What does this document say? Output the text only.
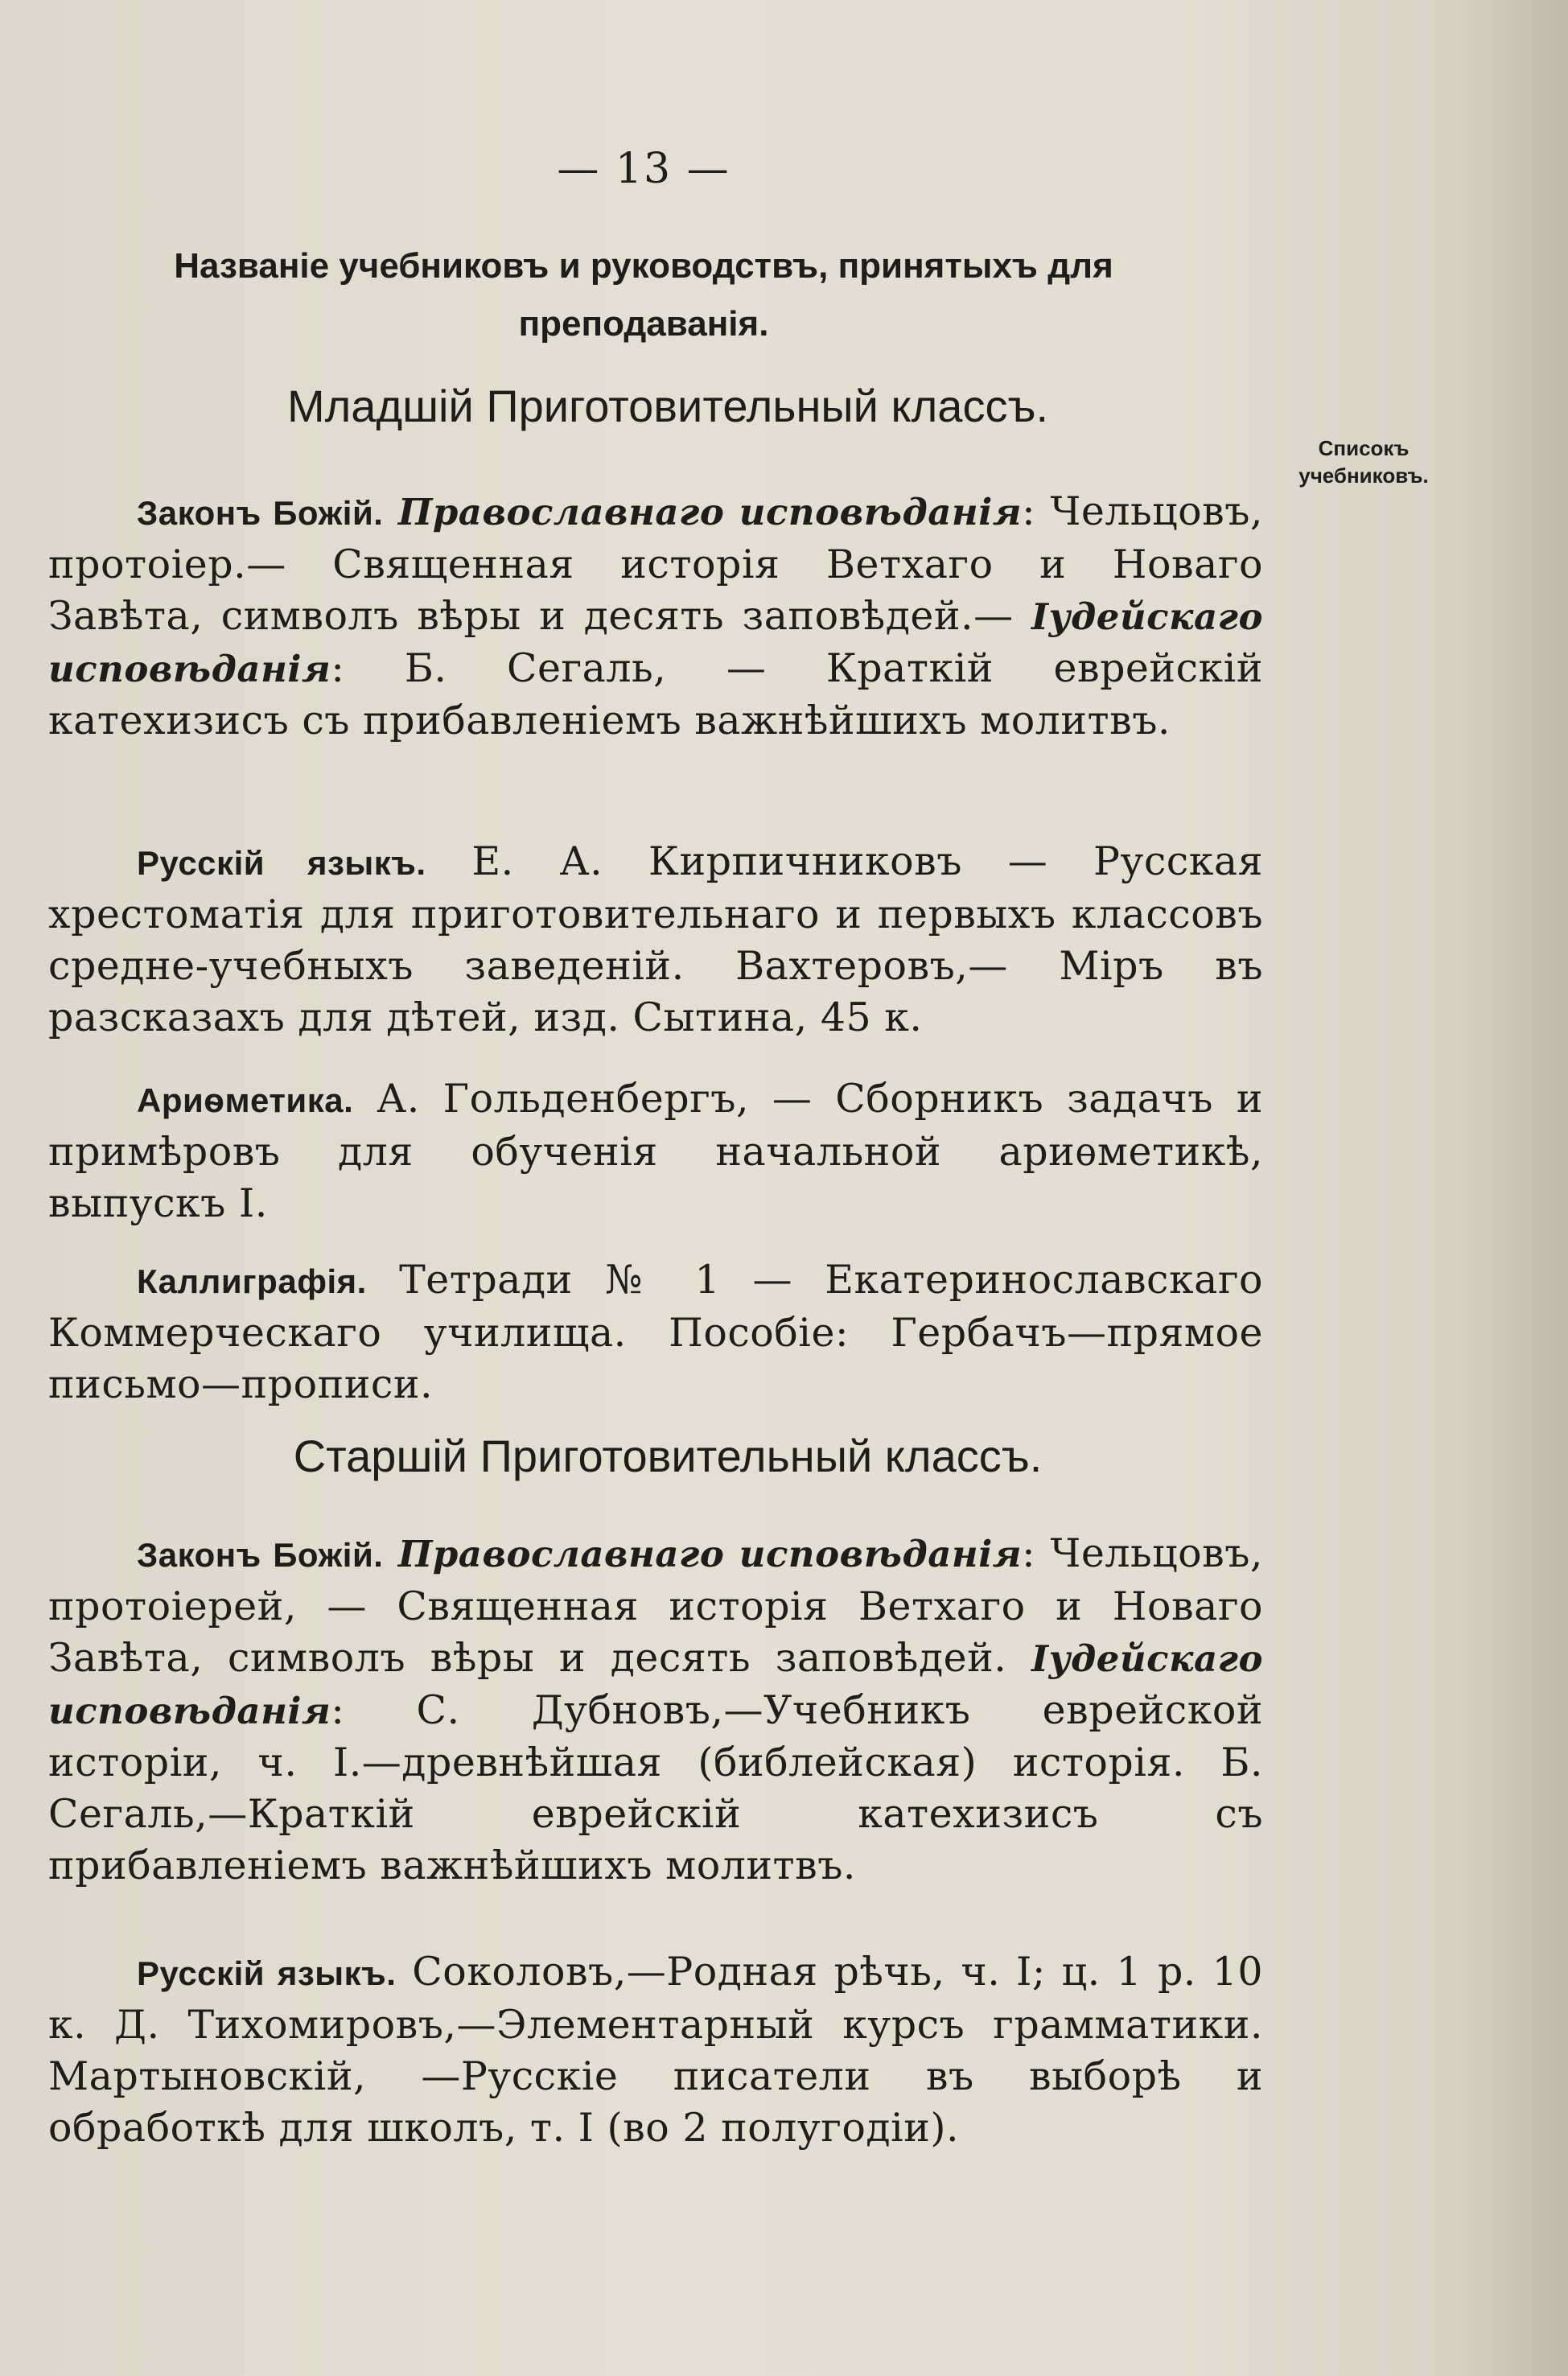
— 13 —
Названіе учебниковъ и руководствъ, принятыхъ для преподаванія.
Младшій Приготовительный классъ.
Списокъ учебниковъ.

Законъ Божій. Православнаго исповѣданія: Чельцовъ, протоіер.— Священная исторія Ветхаго и Новаго Завѣта, символъ вѣры и десять заповѣдей.— Іудейскаго исповѣданія: Б. Сегаль, — Краткій еврейскій катехизисъ съ прибавленіемъ важнѣйшихъ молитвъ.

Русскій языкъ. Е. А. Кирпичниковъ — Русская хрестоматія для приготовительнаго и первыхъ классовъ средне-учебныхъ заведеній. Вахтеровъ,— Міръ въ разсказахъ для дѣтей, изд. Сытина, 45 к.

Ариѳметика. А. Гольденбергъ, — Сборникъ задачъ и примѣровъ для обученія начальной ариѳметикѣ, выпускъ I.

Каллиграфія. Тетради № 1 — Екатеринославскаго Коммерческаго училища. Пособіе: Гербачъ—прямое письмо—прописи.

Старшій Приготовительный классъ.

Законъ Божій. Православнаго исповѣданія: Чельцовъ, протоіерей, — Священная исторія Ветхаго и Новаго Завѣта, символъ вѣры и десять заповѣдей. Іудейскаго исповѣданія: С. Дубновъ,—Учебникъ еврейской исторіи, ч. I.—древнѣйшая (библейская) исторія. Б. Сегаль,—Краткій еврейскій катехизисъ съ прибавленіемъ важнѣйшихъ молитвъ.

Русскій языкъ. Соколовъ,—Родная рѣчь, ч. I; ц. 1 р. 10 к. Д. Тихомировъ,—Элементарный курсъ грамматики. Мартыновскій, —Русскіе писатели въ выборѣ и обработкѣ для школъ, т. I (во 2 полугодіи).
